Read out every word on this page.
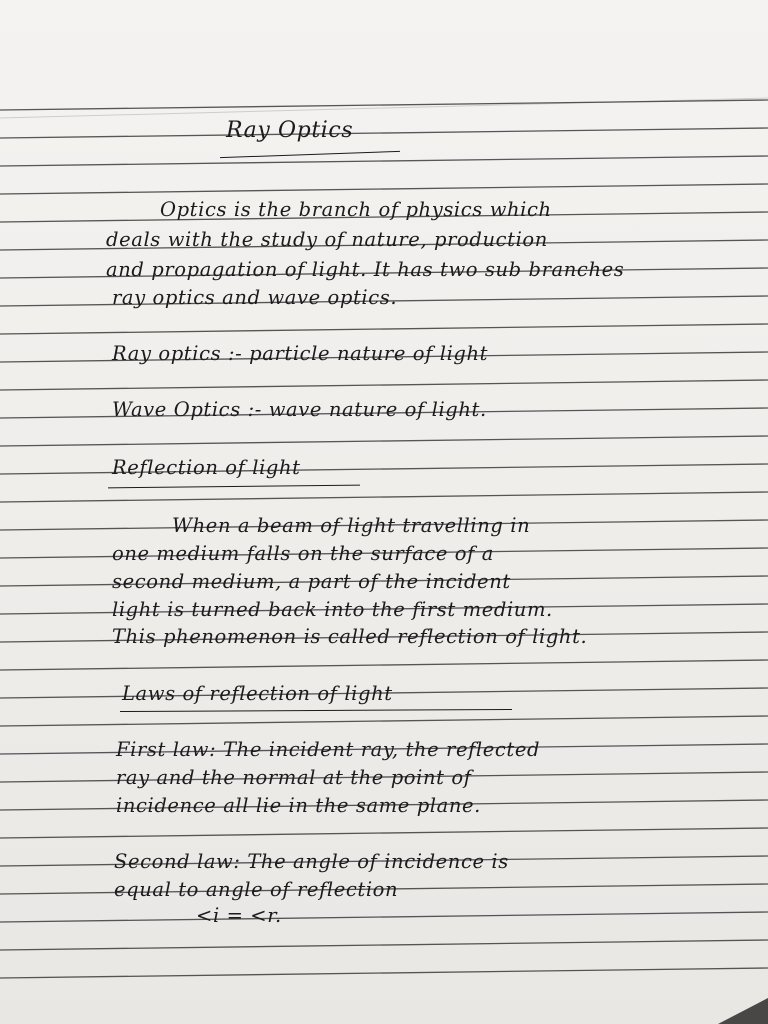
Ray Optics
Optics is the branch of physics which
deals with the study of nature, production
and propagation of light. It has two sub branches
ray optics and wave optics.
Ray optics :- particle nature of light
Wave Optics :- wave nature of light.
Reflection of light
When a beam of light travelling in
one medium falls on the surface of a
second medium, a part of the incident
light is turned back into the first medium.
This phenomenon is called reflection of light.
Laws of reflection of light
First law: The incident ray, the reflected
ray and the normal at the point of
incidence all lie in the same plane.
Second law: The angle of incidence is
equal to angle of reflection
<i = <r.
